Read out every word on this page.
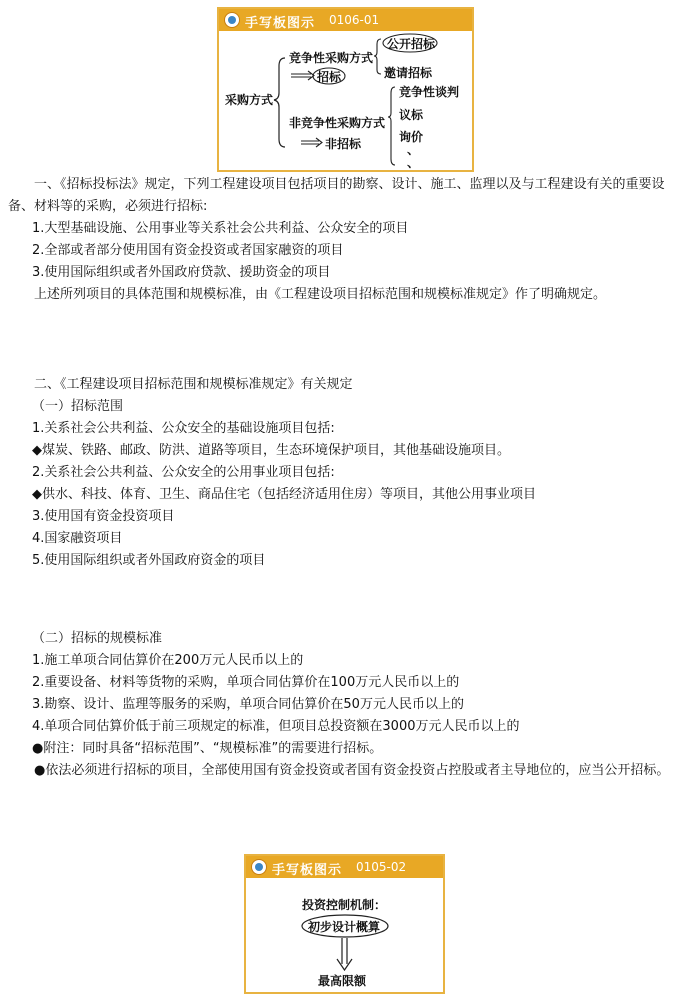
手写板图示 0106-01
采购方式
竞争性采购方式
招标
公开招标
邀请招标
非竞争性采购方式
非招标
竞争性谈判
议标
询价
、
、

一、《招标投标法》规定，下列工程建设项目包括项目的勘察、设计、施工、监理以及与工程建设有关的重要设备、材料等的采购，必须进行招标:

1.大型基础设施、公用事业等关系社会公共利益、公众安全的项目

2.全部或者部分使用国有资金投资或者国家融资的项目

3.使用国际组织或者外国政府贷款、援助资金的项目

上述所列项目的具体范围和规模标准，由《工程建设项目招标范围和规模标准规定》作了明确规定。

二、《工程建设项目招标范围和规模标准规定》有关规定

（一）招标范围

1.关系社会公共利益、公众安全的基础设施项目包括:

◆煤炭、铁路、邮政、防洪、道路等项目，生态环境保护项目，其他基础设施项目。

2.关系社会公共利益、公众安全的公用事业项目包括:

◆供水、科技、体育、卫生、商品住宅（包括经济适用住房）等项目，其他公用事业项目

3.使用国有资金投资项目

4.国家融资项目

5.使用国际组织或者外国政府资金的项目

（二）招标的规模标准

1.施工单项合同估算价在200万元人民币以上的

2.重要设备、材料等货物的采购，单项合同估算价在100万元人民币以上的

3.勘察、设计、监理等服务的采购，单项合同估算价在50万元人民币以上的

4.单项合同估算价低于前三项规定的标准，但项目总投资额在3000万元人民币以上的

●附注：同时具备“招标范围”、“规模标准”的需要进行招标。

●依法必须进行招标的项目，全部使用国有资金投资或者国有资金投资占控股或者主导地位的，应当公开招标。

手写板图示 0105-02
投资控制机制：
初步设计概算
最高限额
